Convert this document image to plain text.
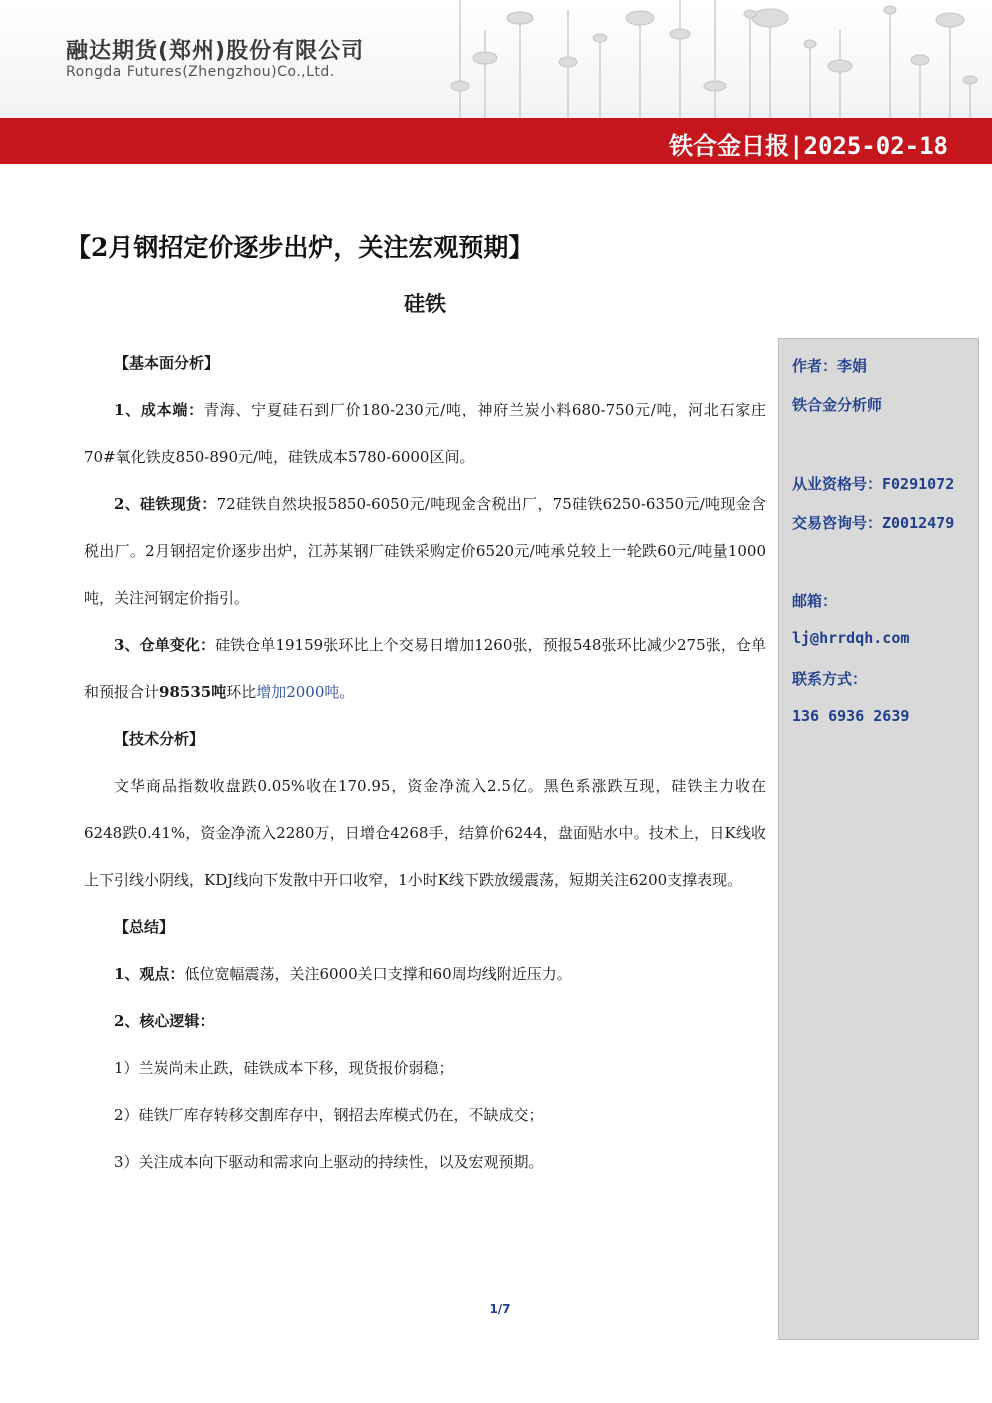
融达期货(郑州)股份有限公司
Rongda Futures(Zhengzhou)Co.,Ltd.
铁合金日报|2025-02-18
【2月钢招定价逐步出炉，关注宏观预期】
硅铁

【基本面分析】

1、成本端：青海、宁夏硅石到厂价180-230元/吨，神府兰炭小料680-750元/吨，河北石家庄70#氧化铁皮850-890元/吨，硅铁成本5780-6000区间。

2、硅铁现货：72硅铁自然块报5850-6050元/吨现金含税出厂，75硅铁6250-6350元/吨现金含税出厂。2月钢招定价逐步出炉，江苏某钢厂硅铁采购定价6520元/吨承兑较上一轮跌60元/吨量1000吨，关注河钢定价指引。

3、仓单变化：硅铁仓单19159张环比上个交易日增加1260张，预报548张环比减少275张，仓单和预报合计98535吨环比增加2000吨。

【技术分析】

文华商品指数收盘跌0.05%收在170.95，资金净流入2.5亿。黑色系涨跌互现，硅铁主力收在6248跌0.41%，资金净流入2280万，日增仓4268手，结算价6244，盘面贴水中。技术上，日K线收上下引线小阴线，KDJ线向下发散中开口收窄，1小时K线下跌放缓震荡，短期关注6200支撑表现。

【总结】

1、观点：低位宽幅震荡，关注6000关口支撑和60周均线附近压力。

2、核心逻辑：

1）兰炭尚未止跌，硅铁成本下移，现货报价弱稳；

2）硅铁厂库存转移交割库存中，钢招去库模式仍在，不缺成交；

3）关注成本向下驱动和需求向上驱动的持续性，以及宏观预期。

作者：李娟
铁合金分析师
从业资格号：F0291072
交易咨询号：Z0012479
邮箱：
lj@hrrdqh.com
联系方式：
136 6936 2639
1/7
